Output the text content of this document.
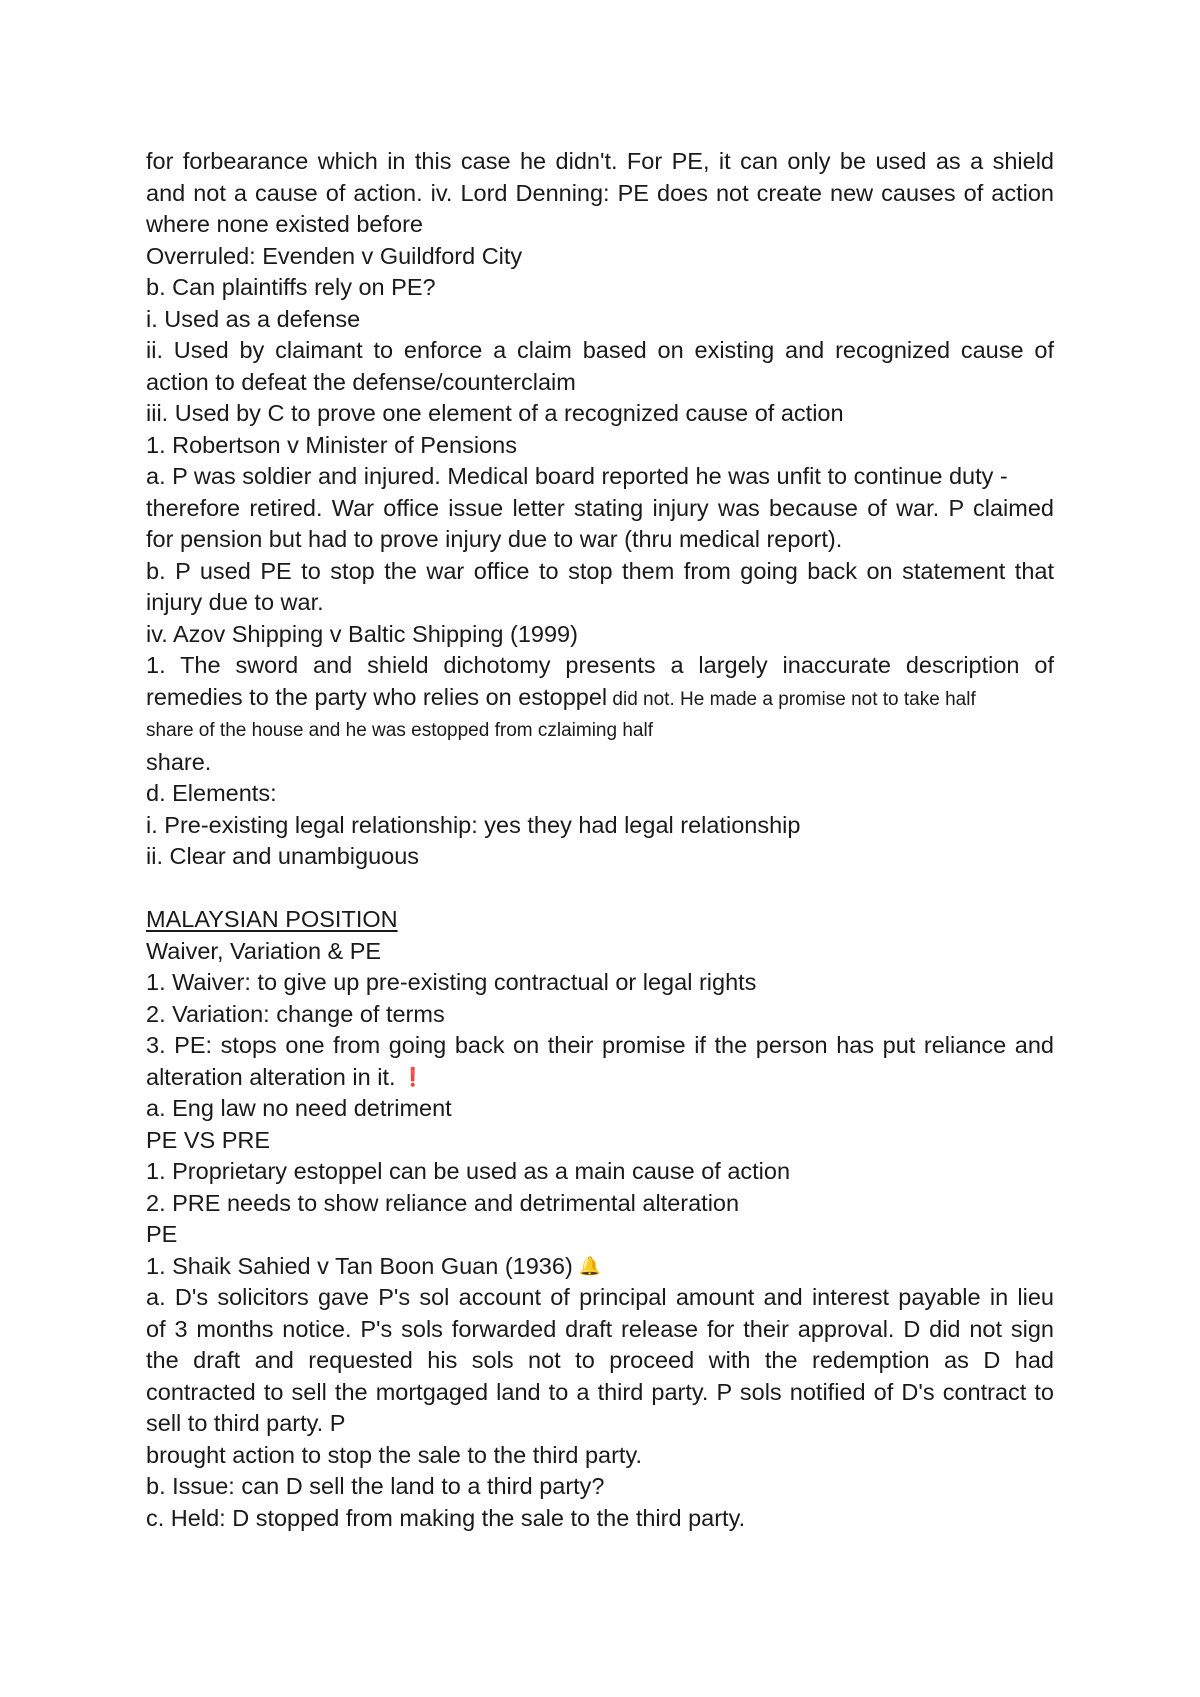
for forbearance which in this case he didn't. For PE, it can only be used as a shield
and not a cause of action. iv. Lord Denning: PE does not create new causes of action
where none existed before
Overruled: Evenden v Guildford City
b. Can plaintiffs rely on PE?
i. Used as a defense
ii. Used by claimant to enforce a claim based on existing and recognized cause of
action to defeat the defense/counterclaim
iii. Used by C to prove one element of a recognized cause of action
1. Robertson v Minister of Pensions
a. P was soldier and injured. Medical board reported he was unfit to continue duty -
therefore retired. War office issue letter stating injury was because of war. P claimed
for pension but had to prove injury due to war (thru medical report).
b. P used PE to stop the war office to stop them from going back on statement that
injury due to war.
iv. Azov Shipping v Baltic Shipping (1999)
1. The sword and shield dichotomy presents a largely inaccurate description of
remedies to the party who relies on estoppel did not. He made a promise not to take half
share of the house and he was estopped from czlaiming half
share.
d. Elements:
i. Pre-existing legal relationship: yes they had legal relationship
ii. Clear and unambiguous
MALAYSIAN POSITION
Waiver, Variation & PE
1. Waiver: to give up pre-existing contractual or legal rights
2. Variation: change of terms
3. PE: stops one from going back on their promise if the person has put reliance and
alteration alteration in it. ❗
a. Eng law no need detriment
PE VS PRE
1. Proprietary estoppel can be used as a main cause of action
2. PRE needs to show reliance and detrimental alteration
PE
1. Shaik Sahied v Tan Boon Guan (1936) 🔔
a. D's solicitors gave P's sol account of principal amount and interest payable in lieu
of 3 months notice. P's sols forwarded draft release for their approval. D did not sign
the draft and requested his sols not to proceed with the redemption as D had
contracted to sell the mortgaged land to a third party. P sols notified of D's contract to
sell to third party. P
brought action to stop the sale to the third party.
b. Issue: can D sell the land to a third party?
c. Held: D stopped from making the sale to the third party.
